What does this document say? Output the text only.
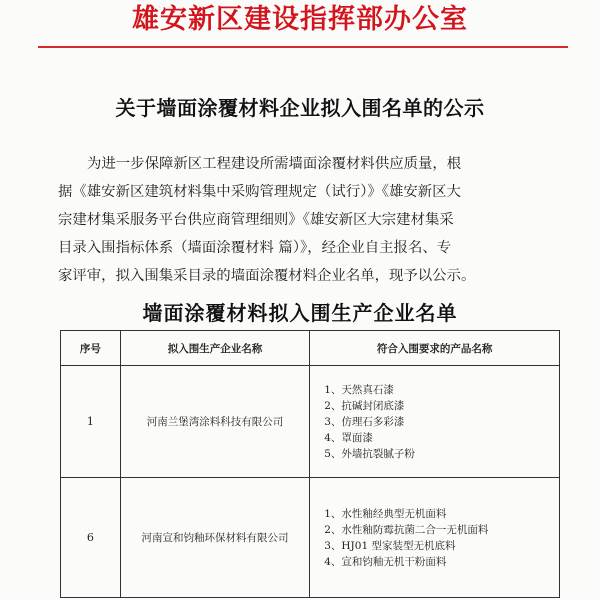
雄安新区建设指挥部办公室
关于墙面涂覆材料企业拟入围名单的公示
为进一步保障新区工程建设所需墙面涂覆材料供应质量，根
据《雄安新区建筑材料集中采购管理规定（试行）》《雄安新区大
宗建材集采服务平台供应商管理细则》《雄安新区大宗建材集采
目录入围指标体系（墙面涂覆材料 篇）》，经企业自主报名、专
家评审，拟入围集采目录的墙面涂覆材料企业名单，现予以公示。
墙面涂覆材料拟入围生产企业名单
序号	拟入围生产企业名称	符合入围要求的产品名称
1	河南兰堡湾涂料科技有限公司	1、天然真石漆
2、抗碱封闭底漆
3、仿理石多彩漆
4、罩面漆
5、外墙抗裂腻子粉

6	河南宣和钧釉环保材料有限公司	1、水性釉经典型无机面料
2、水性釉防霉抗菌二合一无机面料
3、HJ01 型家装型无机底料
4、宣和钧釉无机干粉面料
